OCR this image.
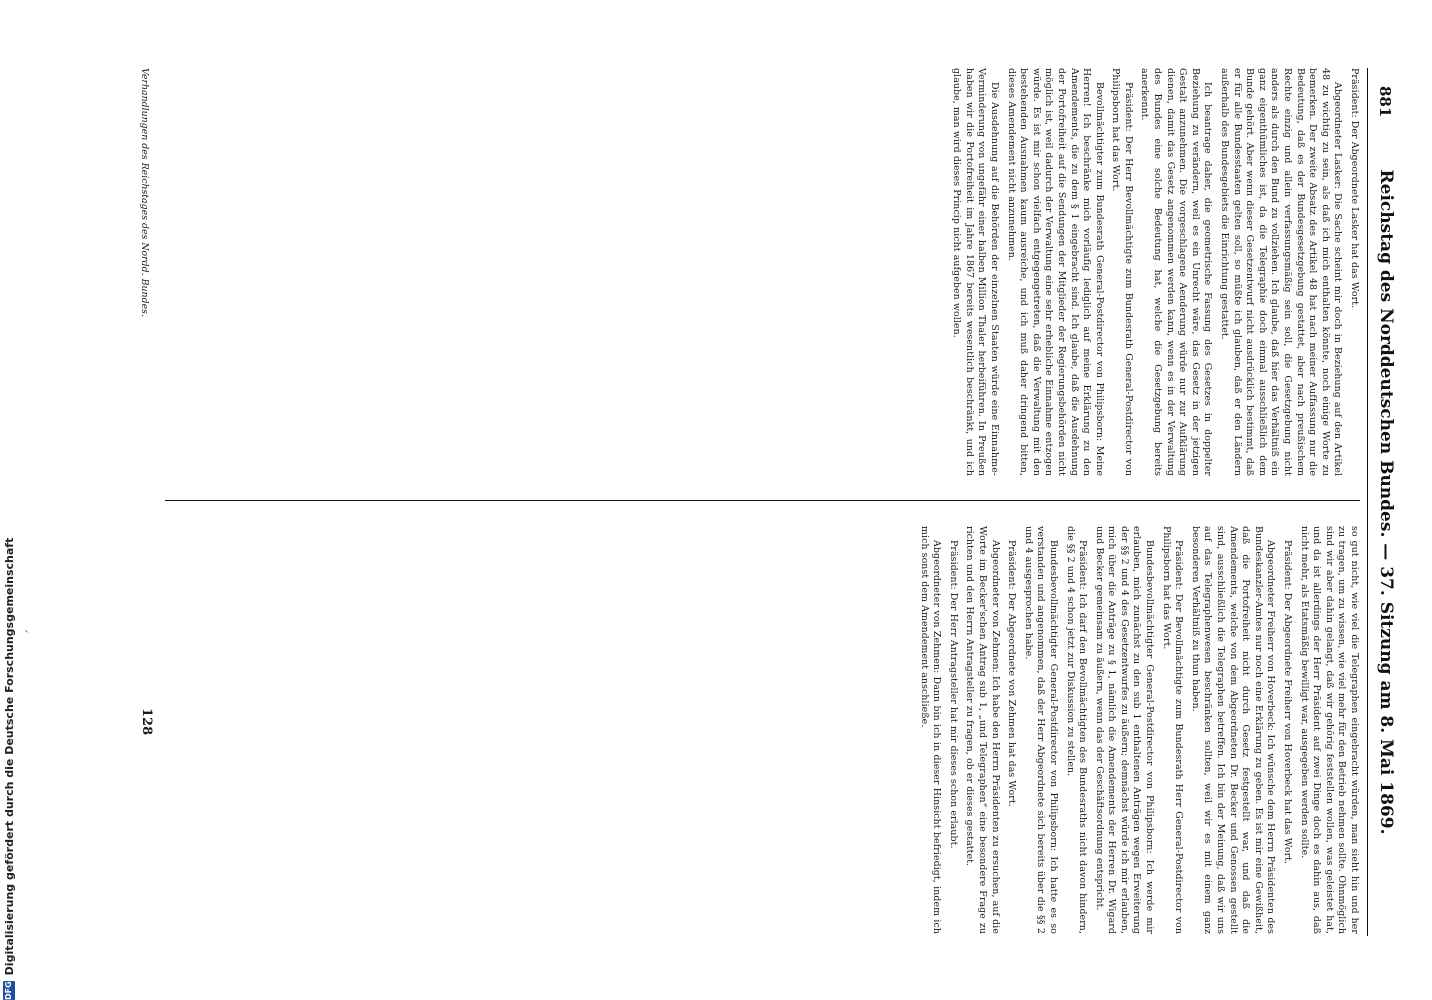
881
Reichstag des Norddeutschen Bundes. — 37. Sitzung am 8. Mai 1869.

Präsident: Der Abgeordnete Lasker hat das Wort.

Abgeordneter Lasker: Die Sache scheint mir doch in Beziehung auf den Artikel 48 zu wichtig zu sein, als daß ich mich enthalten könnte, noch einige Worte zu bemerken. Der zweite Absatz des Artikel 48 hat nach meiner Auffassung nur die Bedeutung, daß es der Bundesgesetzgebung gestattet, aber nach preußischem Rechte einzig und allein verfassungsmäßig sein soll, die Gesetzgebung nicht anders als durch den Bund zu vollziehen. Ich glaube, daß hier das Verhältniß ein ganz eigenthümliches ist, da die Telegraphie doch einmal ausschließlich dem Bunde gehört. Aber wenn dieser Gesetzentwurf nicht ausdrücklich bestimmt, daß er für alle Bundesstaaten gelten soll, so müßte ich glauben, daß er den Ländern außerhalb des Bundesgebiets die Einrichtung gestattet.

Ich beantrage daher, die geometrische Fassung des Gesetzes in doppelter Beziehung zu verändern, weil es ein Unrecht wäre, das Gesetz in der jetzigen Gestalt anzunehmen. Die vorgeschlagene Aenderung würde nur zur Aufklärung dienen, damit das Gesetz angenommen werden kann, wenn es in der Verwaltung des Bundes eine solche Bedeutung hat, welche die Gesetzgebung bereits anerkennt.

Präsident: Der Herr Bevollmächtigte zum Bundesrath General-Postdirector von Philipsborn hat das Wort.

Bevollmächtigter zum Bundesrath General-Postdirector von Philipsborn: Meine Herren! Ich beschränke mich vorläufig lediglich auf meine Erklärung zu den Amendements, die zu dem § 1 eingebracht sind. Ich glaube, daß die Ausdehnung der Portofreiheit auf die Sendungen der Mitglieder der Regierungsbehörden nicht möglich ist, weil dadurch der Verwaltung eine sehr erhebliche Einnahme entzogen würde. Es ist mir schon vielfach entgegengetreten, daß die Verwaltung mit den bestehenden Ausnahmen kaum ausreiche, und ich muß daher dringend bitten, dieses Amendement nicht anzunehmen.

Die Ausdehnung auf die Behörden der einzelnen Staaten würde eine Einnahme-Verminderung von ungefähr einer halben Million Thaler herbeiführen. In Preußen haben wir die Portofreiheit im Jahre 1867 bereits wesentlich beschränkt, und ich glaube, man wird dieses Princip nicht aufgeben wollen.

so gut nicht, wie viel die Telegraphen eingebracht würden, man sieht hin und her zu tragen, um zu wissen, wie viel mehr für den Betrieb nehmen sollte. Ohnmöglich sind wir aber dahin gelangt, daß wir gehörig feststellen wollen, was geleistet hat, und da ist allerdings der Herr Präsident auf zwei Dinge doch es dahin aus, daß nicht mehr, als Etatsmäßig bewilligt war, ausgegeben werden sollte.

Präsident: Der Abgeordnete Freiherr von Hoverbeck hat das Wort.

Abgeordneter Freiherr von Hoverbeck: Ich wünsche dem Herrn Präsidenten des Bundeskanzler-Amtes nur noch eine Erklärung zu geben. Es ist mir eine Gewißheit, daß die Portofreiheit nicht durch Gesetz festgestellt war, und daß die Amendements, welche von dem Abgeordneten Dr. Becker und Genossen gestellt sind, ausschließlich die Telegraphen betreffen. Ich bin der Meinung, daß wir uns auf das Telegraphenwesen beschränken sollten, weil wir es mit einem ganz besonderen Verhältniß zu thun haben.

Präsident: Der Bevollmächtigte zum Bundesrath Herr General-Postdirector von Philipsborn hat das Wort.

Bundesbevollmächtigter General-Postdirector von Philipsborn: Ich werde mir erlauben, mich zunächst zu den sub 1 enthaltenen Anträgen wegen Erweiterung der §§ 2 und 4 des Gesetzentwurfes zu äußern; demnächst würde ich mir erlauben, mich über die Anträge zu § 1, nämlich die Amendements der Herren Dr. Wigard und Becker gemeinsam zu äußern, wenn das der Geschäftsordnung entspricht.

Präsident: Ich darf den Bevollmächtigten des Bundesraths nicht davon hindern, die §§ 2 und 4 schon jetzt zur Diskussion zu stellen.

Bundesbevollmächtigter General-Postdirector von Philipsborn: Ich hatte es so verstanden und angenommen, daß der Herr Abgeordnete sich bereits über die §§ 2 und 4 ausgesprochen habe.

Präsident: Der Abgeordnete von Zehmen hat das Wort.

Abgeordneter von Zehmen: Ich habe den Herrn Präsidenten zu ersuchen, auf die Worte im Becker'schen Antrag sub 1, „und Telegraphen“ eine besondere Frage zu richten und den Herrn Antragsteller zu fragen, ob er dieses gestattet.

Präsident: Der Herr Antragsteller hat mir dieses schon erlaubt.

Abgeordneter von Zehmen: Dann bin ich in dieser Hinsicht befriedigt, indem ich mich sonst dem Amendement anschließe.

Verhandlungen des Reichstages des Nordd. Bundes.
128
`
DFG
Digitalisierung gefördert durch die Deutsche Forschungsgemeinschaft
